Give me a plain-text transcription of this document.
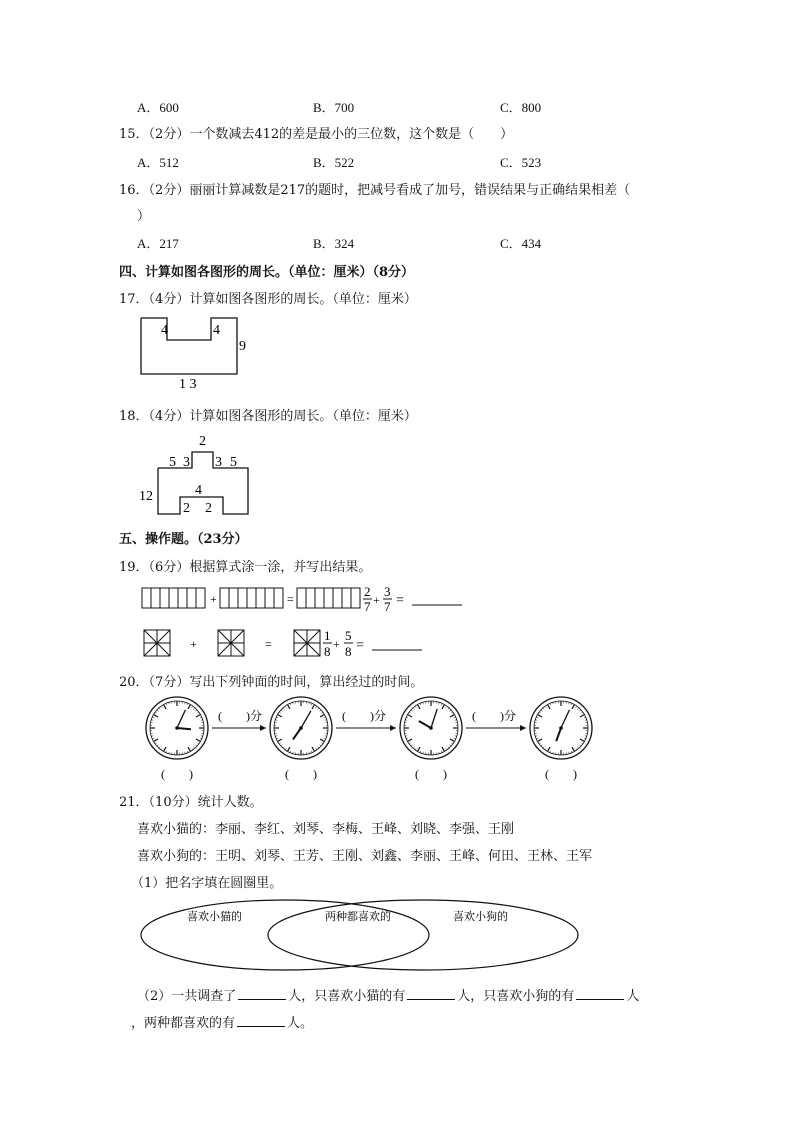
A．600	B．700	C．800
15．（2分）一个数减去412的差是最小的三位数，这个数是（　　）
A．512	B．522	C．523
16．（2分）丽丽计算减数是217的题时，把减号看成了加号，错误结果与正确结果相差（
）
A．217	B．324	C．434
四、计算如图各图形的周长。（单位：厘米）（8分）
17．（4分）计算如图各图形的周长。（单位：厘米）
4	4
9
1 3
18．（4分）计算如图各图形的周长。（单位：厘米）
2
3 3
5	5
12	4
2 2
五、操作题。（23分）
19．（6分）根据算式涂一涂，并写出结果。
+	=	2
7 +
3
7 =
+	=
1
8 +
5
8 =
20．（7分）写出下列钟面的时间，算出经过的时间。
(　　)
(　　)分
(　　)
(　　)分
(　　)
(　　)分
(　　)
21．（10分）统计人数。
喜欢小猫的：李丽、李红、刘琴、李梅、王峰、刘晓、李强、王刚
喜欢小狗的：王明、刘琴、王芳、王刚、刘鑫、李丽、王峰、何田、王林、王军
（1）把名字填在圆圈里。
喜欢小猫的	两种都喜欢的	喜欢小狗的
（2）一共调查了	人，只喜欢小猫的有	人，只喜欢小狗的有	人
，两种都喜欢的有	人。
